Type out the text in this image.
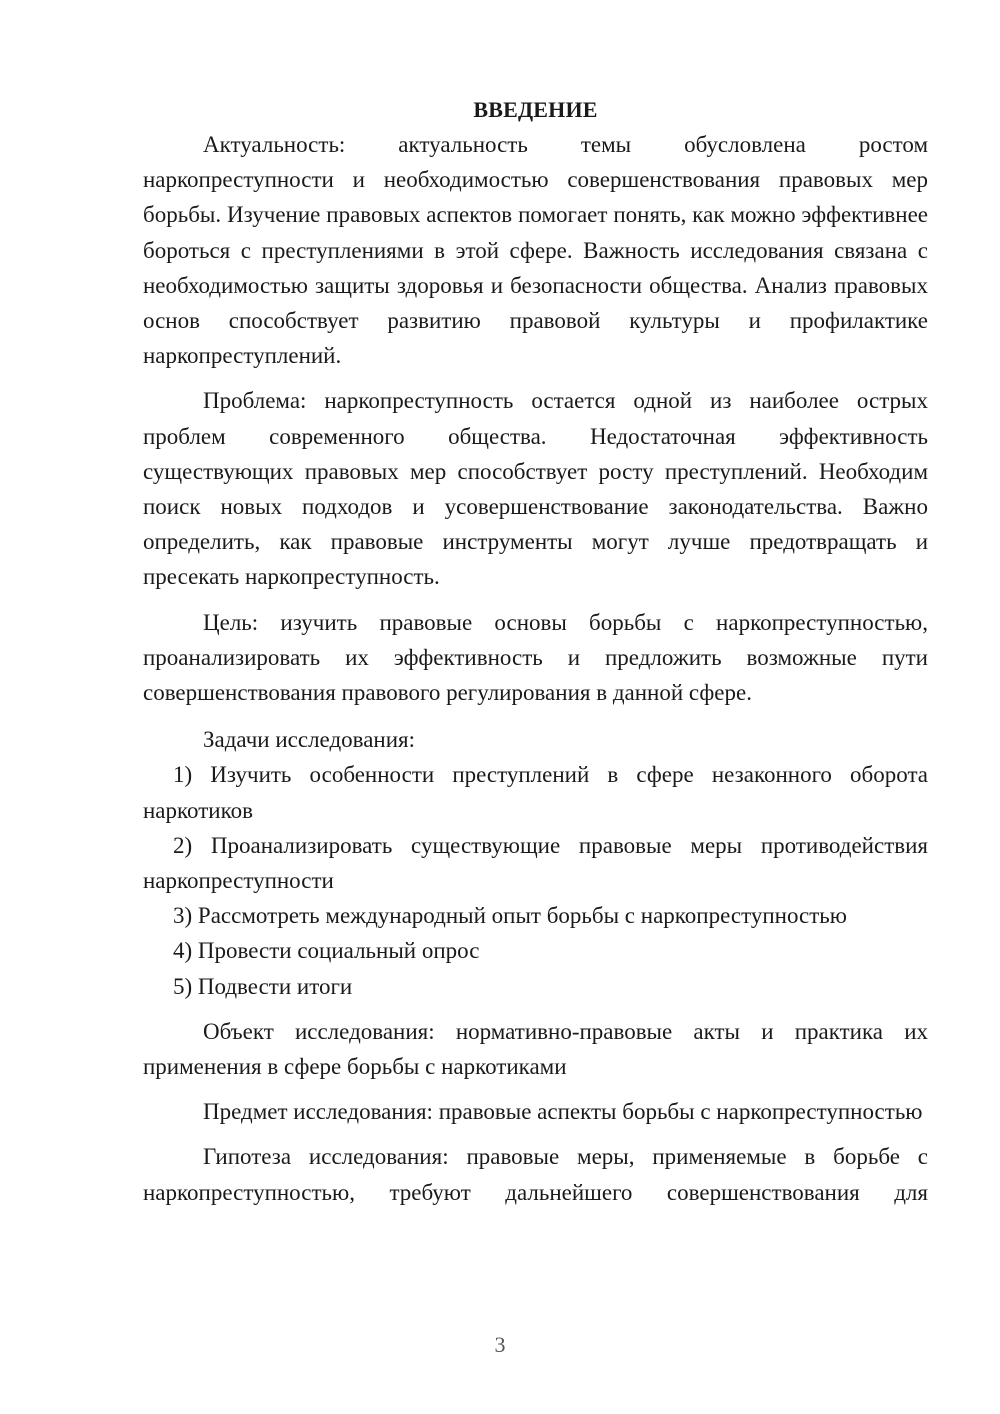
ВВЕДЕНИЕ

Актуальность: актуальность темы обусловлена ростом наркопреступности и необходимостью совершенствования правовых мер борьбы. Изучение правовых аспектов помогает понять, как можно эффективнее бороться с преступлениями в этой сфере. Важность исследования связана с необходимостью защиты здоровья и безопасности общества. Анализ правовых основ способствует развитию правовой культуры и профилактике наркопреступлений.

Проблема: наркопреступность остается одной из наиболее острых проблем современного общества. Недостаточная эффективность существующих правовых мер способствует росту преступлений. Необходим поиск новых подходов и усовершенствование законодательства. Важно определить, как правовые инструменты могут лучше предотвращать и пресекать наркопреступность.

Цель: изучить правовые основы борьбы с наркопреступностью, проанализировать их эффективность и предложить возможные пути совершенствования правового регулирования в данной сфере.

Задачи исследования:

1) Изучить особенности преступлений в сфере незаконного оборота наркотиков

2) Проанализировать существующие правовые меры противодействия наркопреступности

3) Рассмотреть международный опыт борьбы с наркопреступностью

4) Провести социальный опрос

5) Подвести итоги

Объект исследования: нормативно-правовые акты и практика их применения в сфере борьбы с наркотиками

Предмет исследования: правовые аспекты борьбы с наркопреступностью

Гипотеза исследования: правовые меры, применяемые в борьбе с наркопреступностью, требуют дальнейшего совершенствования для

3
